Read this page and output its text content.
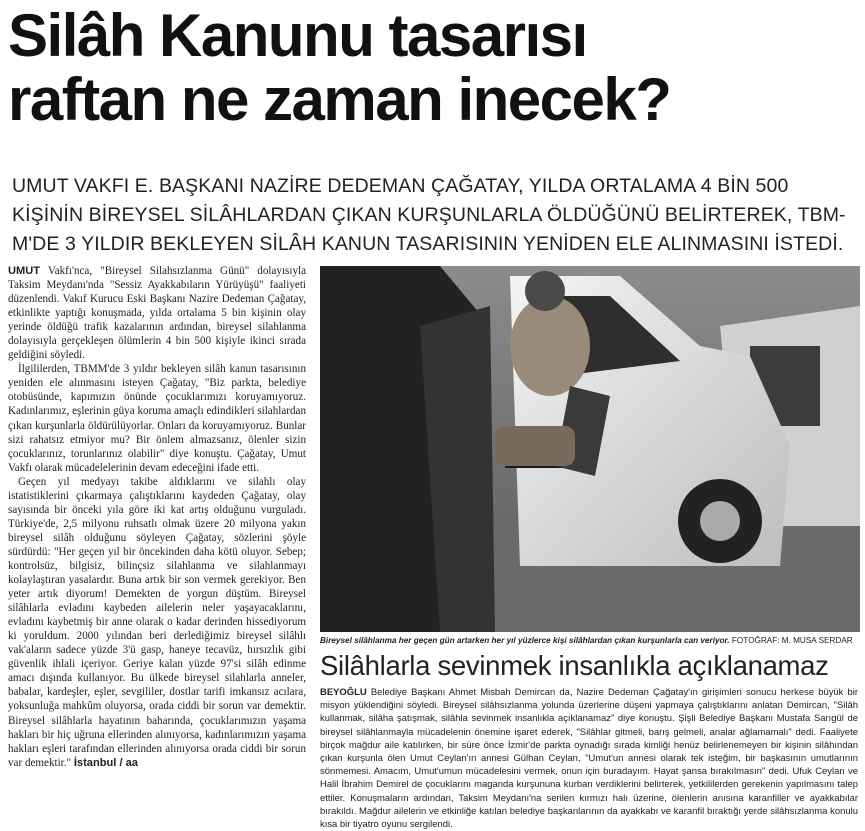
Silâh Kanunu tasarısı
raftan ne zaman inecek?
UMUT VAKFI E. BAŞKANI NAZİRE DEDEMAN ÇAĞATAY, YILDA ORTALAMA 4 BİN 500 KİŞİNİN BİREYSEL SİLÂHLARDAN ÇIKAN KURŞUNLARLA ÖLDÜĞÜNÜ BELİRTEREK, TBM-M'DE 3 YILDIR BEKLEYEN SİLÂH KANUN TASARISININ YENİDEN ELE ALINMASINI İSTEDİ.

UMUT Vakfı'nca, "Bireysel Silahsızlanma Günü" dolayısıyla Taksim Meydanı'nda "Sessiz Ayakkabıların Yürüyüşü" faaliyeti düzenlendi. Vakıf Kurucu Eski Başkanı Nazire Dedeman Çağatay, etkinlikte yaptığı konuşmada, yılda ortalama 5 bin kişinin olay yerinde öldüğü trafik kazalarının ardından, bireysel silahlanma dolayısıyla gerçekleşen ölümlerin 4 bin 500 kişiyle ikinci sırada geldiğini söyledi.

İlgililerden, TBMM'de 3 yıldır bekleyen silâh kanun tasarısının yeniden ele alınmasını isteyen Çağatay, "Biz parkta, belediye otobüsünde, kapımızın önünde çocuklarımızı koruyamıyoruz. Kadınlarımız, eşlerinin güya koruma amaçlı edindikleri silahlardan çıkan kurşunlarla öldürülüyorlar. Onları da koruyamıyoruz. Bunlar sizi rahatsız etmiyor mu? Bir önlem almazsanız, ölenler sizin çocuklarınız, torunlarınız olabilir" diye konuştu. Çağatay, Umut Vakfı olarak mücadelelerinin devam edeceğini ifade etti.

Geçen yıl medyayı takibe aldıklarını ve silahlı olay istatistiklerini çıkarmaya çalıştıklarını kaydeden Çağatay, olay sayısında bir önceki yıla göre iki kat artış olduğunu vurguladı. Türkiye'de, 2,5 milyonu ruhsatlı olmak üzere 20 milyona yakın bireysel silâh olduğunu söyleyen Çağatay, sözlerini şöyle sürdürdü: "Her geçen yıl bir öncekinden daha kötü oluyor. Sebep; kontrolsüz, bilgisiz, bilinçsiz silahlanma ve silahlanmayı kolaylaştıran yasalardır. Buna artık bir son vermek gerekiyor. Ben yeter artık diyorum! Demekten de yorgun düştüm. Bireysel silâhlarla evladını kaybeden ailelerin neler yaşayacaklarını, evladını kaybetmiş bir anne olarak o kadar derinden hissediyorum ki yoruldum. 2000 yılından beri derlediğimiz bireysel silâhlı vak'aların sadece yüzde 3'ü gasp, haneye tecavüz, hırsızlık gibi güvenlik ihlali içeriyor. Geriye kalan yüzde 97'si silâh edinme amacı dışında kullanıyor. Bu ülkede bireysel silahlarla anneler, babalar, kardeşler, eşler, sevgililer, dostlar tarifi imkansız acılara, yoksunluğa mahkûm oluyorsa, orada ciddi bir sorun var demektir. Bireysel silâhlarla hayatının baharında, çocuklarımızın yaşama hakları bir hiç uğruna ellerinden alınıyorsa, kadınlarımızın yaşama hakları eşleri tarafından ellerinden alınıyorsa orada ciddi bir sorun var demektir." İstanbul / aa

Bireysel silâhlanma her geçen gün artarken her yıl yüzlerce kişi silâhlardan çıkan kurşunlarla can veriyor. FOTOĞRAF: M. MUSA SERDAR
Silâhlarla sevinmek insanlıkla açıklanamaz

BEYOĞLU Belediye Başkanı Ahmet Misbah Demircan da, Nazire Dedeman Çağatay'ın girişimleri sonucu herkese büyük bir misyon yüklendiğini söyledi. Bireysel silâhsızlanma yolunda üzerlerine düşeni yapmaya çalıştıklarını anlatan Demircan, "Silâh kullanmak, silâha şatışmak, silâhla sevinmek insanlıkla açıklanamaz" diye konuştu. Şişli Belediye Başkanı Mustafa Sarıgül de bireysel silâhlanmayla mücadelenin önemine işaret ederek, "Silâhlar gitmeli, barış gelmeli, analar ağlamamalı" dedi. Faaliyete birçok mağdur aile katılırken, bir süre önce İzmir'de parkta oynadığı sırada kimliği henüz belirlenemeyen bir kişinin silâhından çıkan kurşunla ölen Umut Ceylan'ın annesi Gülhan Ceylan, "Umut'un annesi olarak tek isteğim, bir başkasının umutlarının sönmemesi. Amacım, Umut'umun mücadelesini vermek, onun için buradayım. Hayat şansa bırakılmasın" dedi. Ufuk Ceylan ve Halil İbrahim Demirel de çocuklarını maganda kurşununa kurban verdiklerini belirterek, yetkililerden gerekenin yapılmasını talep ettiler. Konuşmaların ardından, Taksim Meydanı'na serilen kırmızı halı üzerine, ölenlerin anısına karanfiller ve ayakkabılar bırakıldı. Mağdur ailelerin ve etkinliğe katılan belediye başkanlarının da ayakkabı ve karanfil bıraktığı yerde silâhsızlanma konulu kısa bir tiyatro oyunu sergilendi.
